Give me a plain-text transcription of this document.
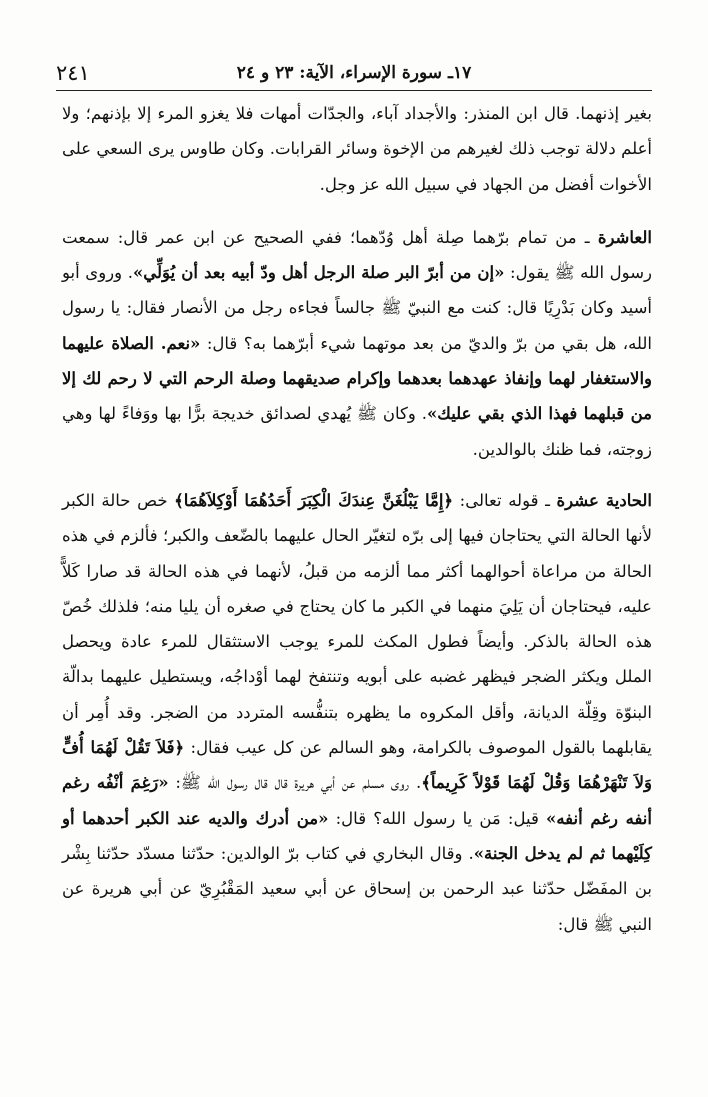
١٧ـ سورة الإسراء، الآية: ٢٣ و ٢٤
٢٤١

بغير إذنهما. قال ابن المنذر: والأجداد آباء، والجدّات أمهات فلا يغزو المرء إلا بإذنهم؛ ولا أعلم دلالة توجب ذلك لغيرهم من الإخوة وسائر القرابات. وكان طاوس يرى السعي على الأخوات أفضل من الجهاد في سبيل الله عز وجل.

العاشرة ـ من تمام برّهما صِلة أهل وُدّهما؛ ففي الصحيح عن ابن عمر قال: سمعت رسول الله ﷺ يقول: «إن من أبرّ البر صلة الرجل أهل ودّ أبيه بعد أن يُوَلِّي». وروى أبو أسيد وكان بَدْرِيًا قال: كنت مع النبيّ ﷺ جالساً فجاءه رجل من الأنصار فقال: يا رسول الله، هل بقي من برّ والديّ من بعد موتهما شيء أبرّهما به؟ قال: «نعم. الصلاة عليهما والاستغفار لهما وإنفاذ عهدهما بعدهما وإكرام صديقهما وصلة الرحم التي لا رحم لك إلا من قبلهما فهذا الذي بقي عليك». وكان ﷺ يُهدي لصدائق خديجة برًّا بها ووَفاءً لها وهي زوجته، فما ظنك بالوالدين.

الحادية عشرة ـ قوله تعالى: ﴿إِمَّا يَبْلُغَنَّ عِندَكَ الْكِبَرَ أَحَدُهُمَا أَوْكِلاَهُمَا﴾ خص حالة الكبر لأنها الحالة التي يحتاجان فيها إلى برّه لتغيّر الحال عليهما بالضّعف والكبر؛ فألزم في هذه الحالة من مراعاة أحوالهما أكثر مما ألزمه من قبلُ، لأنهما في هذه الحالة قد صارا كَلاًّ عليه، فيحتاجان أن يَلِيَ منهما في الكبر ما كان يحتاج في صغره أن يليا منه؛ فلذلك خُصّ هذه الحالة بالذكر. وأيضاً فطول المكث للمرء يوجب الاستثقال للمرء عادة ويحصل الملل ويكثر الضجر فيظهر غضبه على أبويه وتنتفخ لهما أوْداجُه، ويستطيل عليهما بدالّة البنوّة وقِلّة الديانة، وأقل المكروه ما يظهره بتنفُّسه المتردد من الضجر. وقد أُمِر أن يقابلهما بالقول الموصوف بالكرامة، وهو السالم عن كل عيب فقال: ﴿فَلاَ تَقُلْ لَهُمَا أُفٍّ وَلاَ تَنْهَرْهُمَا وَقُلْ لَهُمَا قَوْلاً كَرِيماً﴾. روى مسلم عن أبي هريرة قال قال رسول الله ﷺ: «رَغِمَ أنْفُه رغم أنفه رغم أنفه» قيل: مَن يا رسول الله؟ قال: «من أدرك والديه عند الكبر أحدهما أو كِلَيْهما ثم لم يدخل الجنة». وقال البخاري في كتاب برّ الوالدين: حدّثنا مسدّد حدّثنا بِشْر بن المفَضّل حدّثنا عبد الرحمن بن إسحاق عن أبي سعيد المَقْبُرِيّ عن أبي هريرة عن النبي ﷺ قال:
